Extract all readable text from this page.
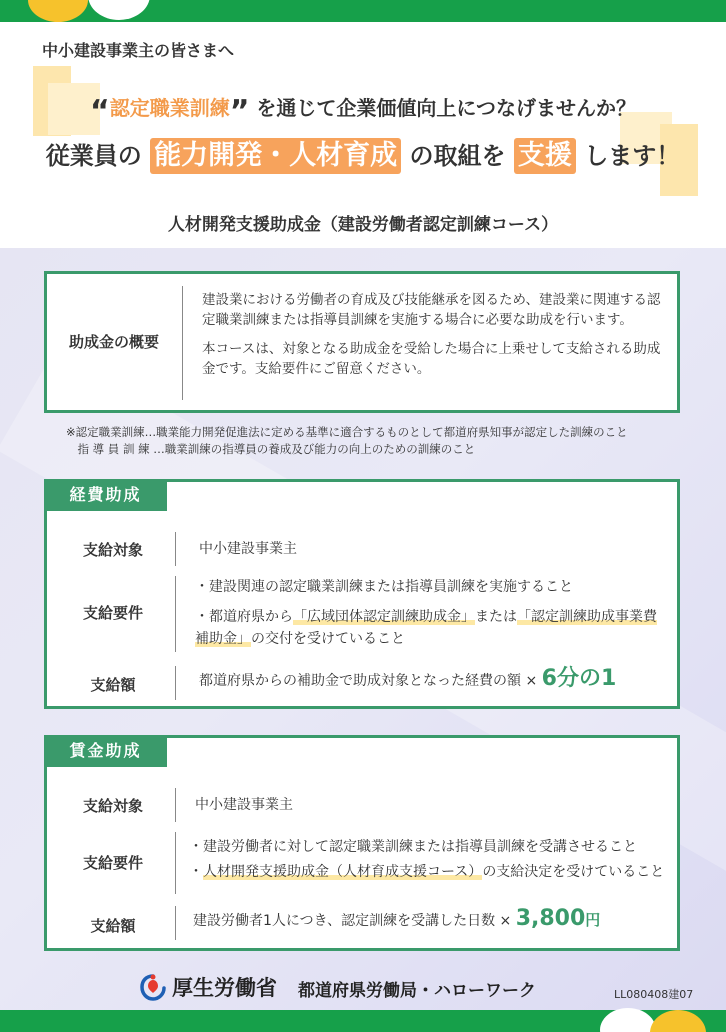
中小建設事業主の皆さまへ
“認定職業訓練” を通じて企業価値向上につなげませんか？
従業員の 能力開発・人材育成 の取組を 支援 します！
人材開発支援助成金（建設労働者認定訓練コース）
助成金の概要

建設業における労働者の育成及び技能継承を図るため、建設業に関連する認定職業訓練または指導員訓練を実施する場合に必要な助成を行います。

本コースは、対象となる助成金を受給した場合に上乗せして支給される助成金です。支給要件にご留意ください。

※認定職業訓練…職業能力開発促進法に定める基準に適合するものとして都道府県知事が認定した訓練のこと
　指 導 員 訓 練 …職業訓練の指導員の養成及び能力の向上のための訓練のこと
経費助成
支給対象	中小建設事業主
支給要件
・建設関連の認定職業訓練または指導員訓練を実施すること
・都道府県から「広域団体認定訓練助成金」または「認定訓練助成事業費
補助金」の交付を受けていること
支給額	都道府県からの補助金で助成対象となった経費の額 × 6分の1
賃金助成
支給対象	中小建設事業主
支給要件
・建設労働者に対して認定職業訓練または指導員訓練を受講させること
・人材開発支援助成金（人材育成支援コース）の支給決定を受けていること
支給額	建設労働者1人につき、認定訓練を受講した日数 × 3,800円
厚生労働省 都道府県労働局・ハローワーク	LL080408建07
